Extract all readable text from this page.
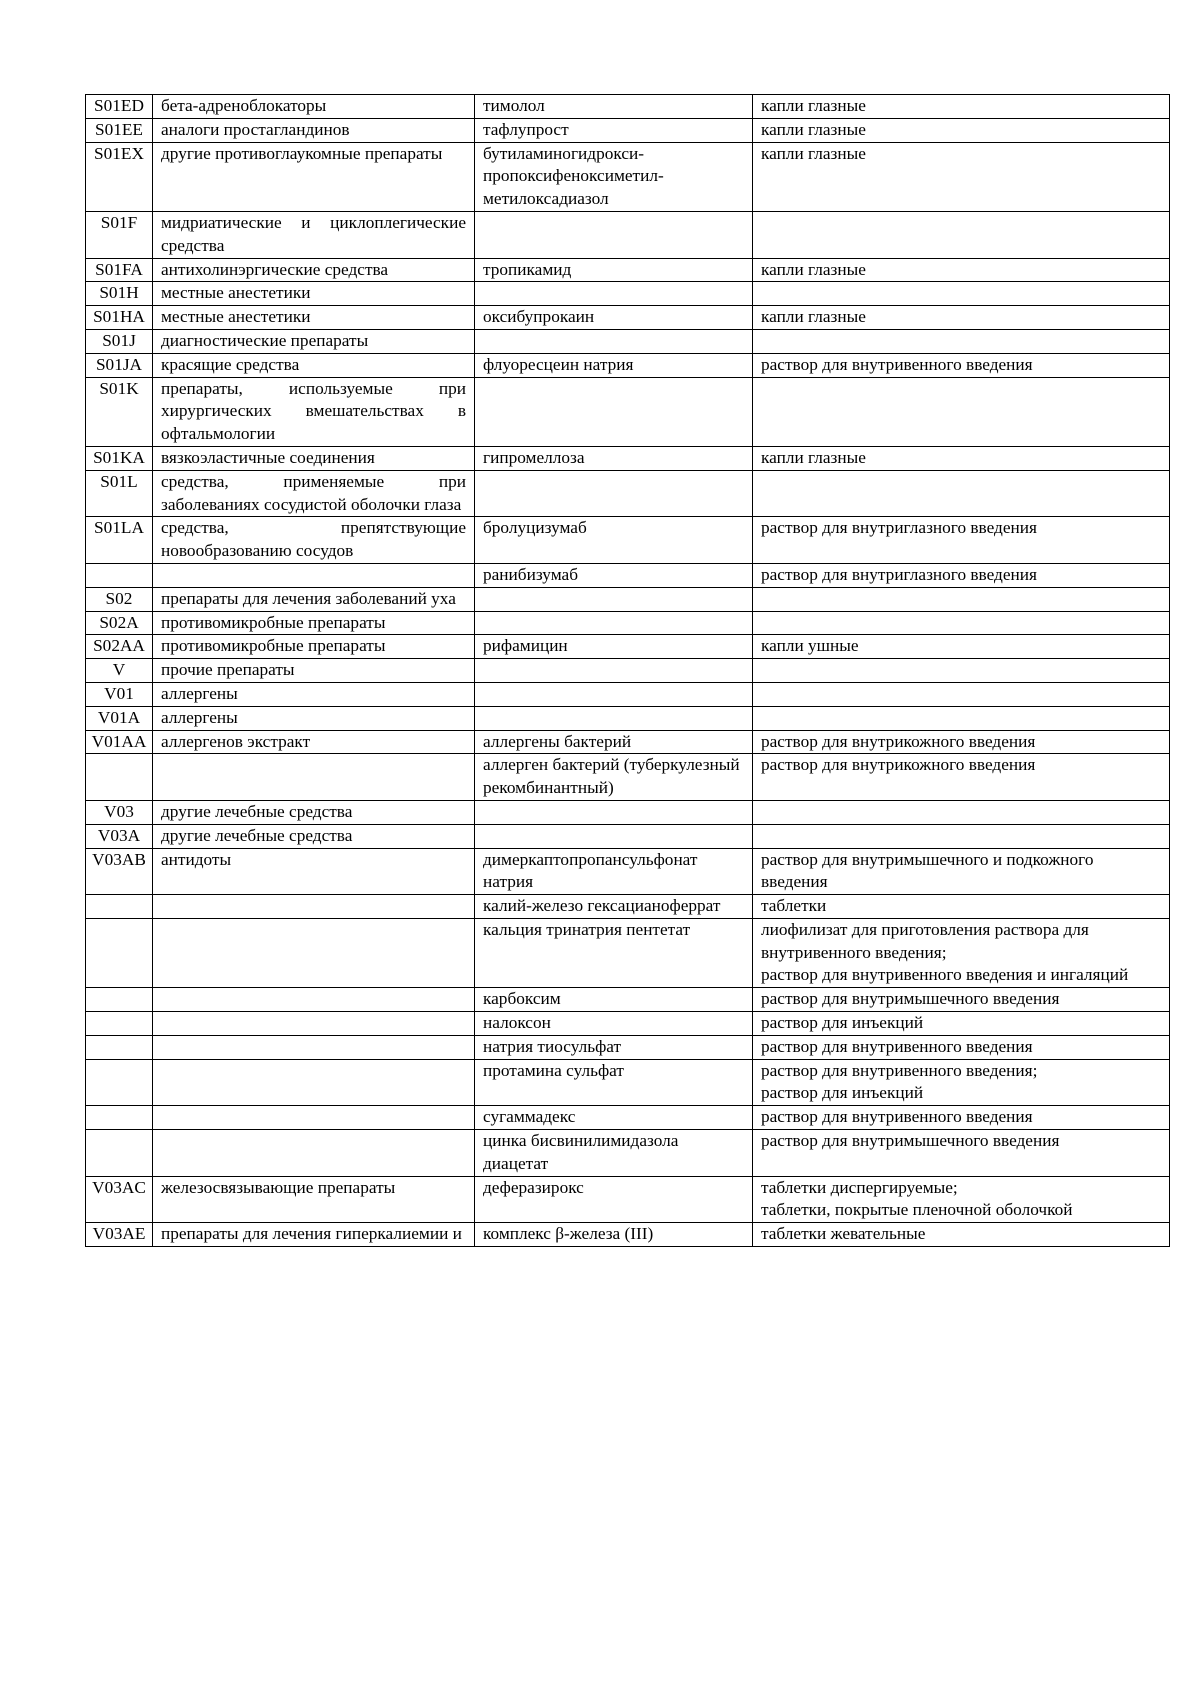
S01ED	бета-адреноблокаторы	тимолол	капли глазные

S01EE	аналоги простагландинов	тафлупрост	капли глазные

S01EX	другие противоглаукомные препараты	бутиламиногидрокси-пропоксифеноксиметил-метилоксадиазол	капли глазные

S01F	мидриатические и циклоплегические средства		
S01FA	антихолинэргические средства	тропикамид	капли глазные

S01H	местные анестетики		
S01HA	местные анестетики	оксибупрокаин	капли глазные

S01J	диагностические препараты		
S01JA	красящие средства	флуоресцеин натрия	раствор для внутривенного введения

S01K	препараты, используемые при хирургических вмешательствах в офтальмологии		
S01KA	вязкоэластичные соединения	гипромеллоза	капли глазные

S01L	средства, применяемые при заболеваниях сосудистой оболочки глаза		
S01LA	средства, препятствующие новообразованию сосудов	бролуцизумаб	раствор для внутриглазного введения

		ранибизумаб	раствор для внутриглазного введения

S02	препараты для лечения заболеваний уха		
S02A	противомикробные препараты		
S02AA	противомикробные препараты	рифамицин	капли ушные

V	прочие препараты		
V01	аллергены		
V01A	аллергены		
V01AA	аллергенов экстракт	аллергены бактерий	раствор для внутрикожного введения

		аллерген бактерий (туберкулезный рекомбинантный)	раствор для внутрикожного введения

V03	другие лечебные средства		
V03A	другие лечебные средства		
V03AB	антидоты	димеркаптопропансульфонат натрия	раствор для внутримышечного и подкожного введения

		калий-железо гексацианоферрат	таблетки

		кальция тринатрия пентетат	лиофилизат для приготовления раствора для внутривенного введения;
раствор для внутривенного введения и ингаляций

		карбоксим	раствор для внутримышечного введения

		налоксон	раствор для инъекций

		натрия тиосульфат	раствор для внутривенного введения

		протамина сульфат	раствор для внутривенного введения;
раствор для инъекций

		сугаммадекс	раствор для внутривенного введения

		цинка бисвинилимидазола диацетат	раствор для внутримышечного введения

V03AC	железосвязывающие препараты	деферазирокс	таблетки диспергируемые;
таблетки, покрытые пленочной оболочкой

V03AE	препараты для лечения гиперкалиемии и	комплекс β-железа (III)	таблетки жевательные
